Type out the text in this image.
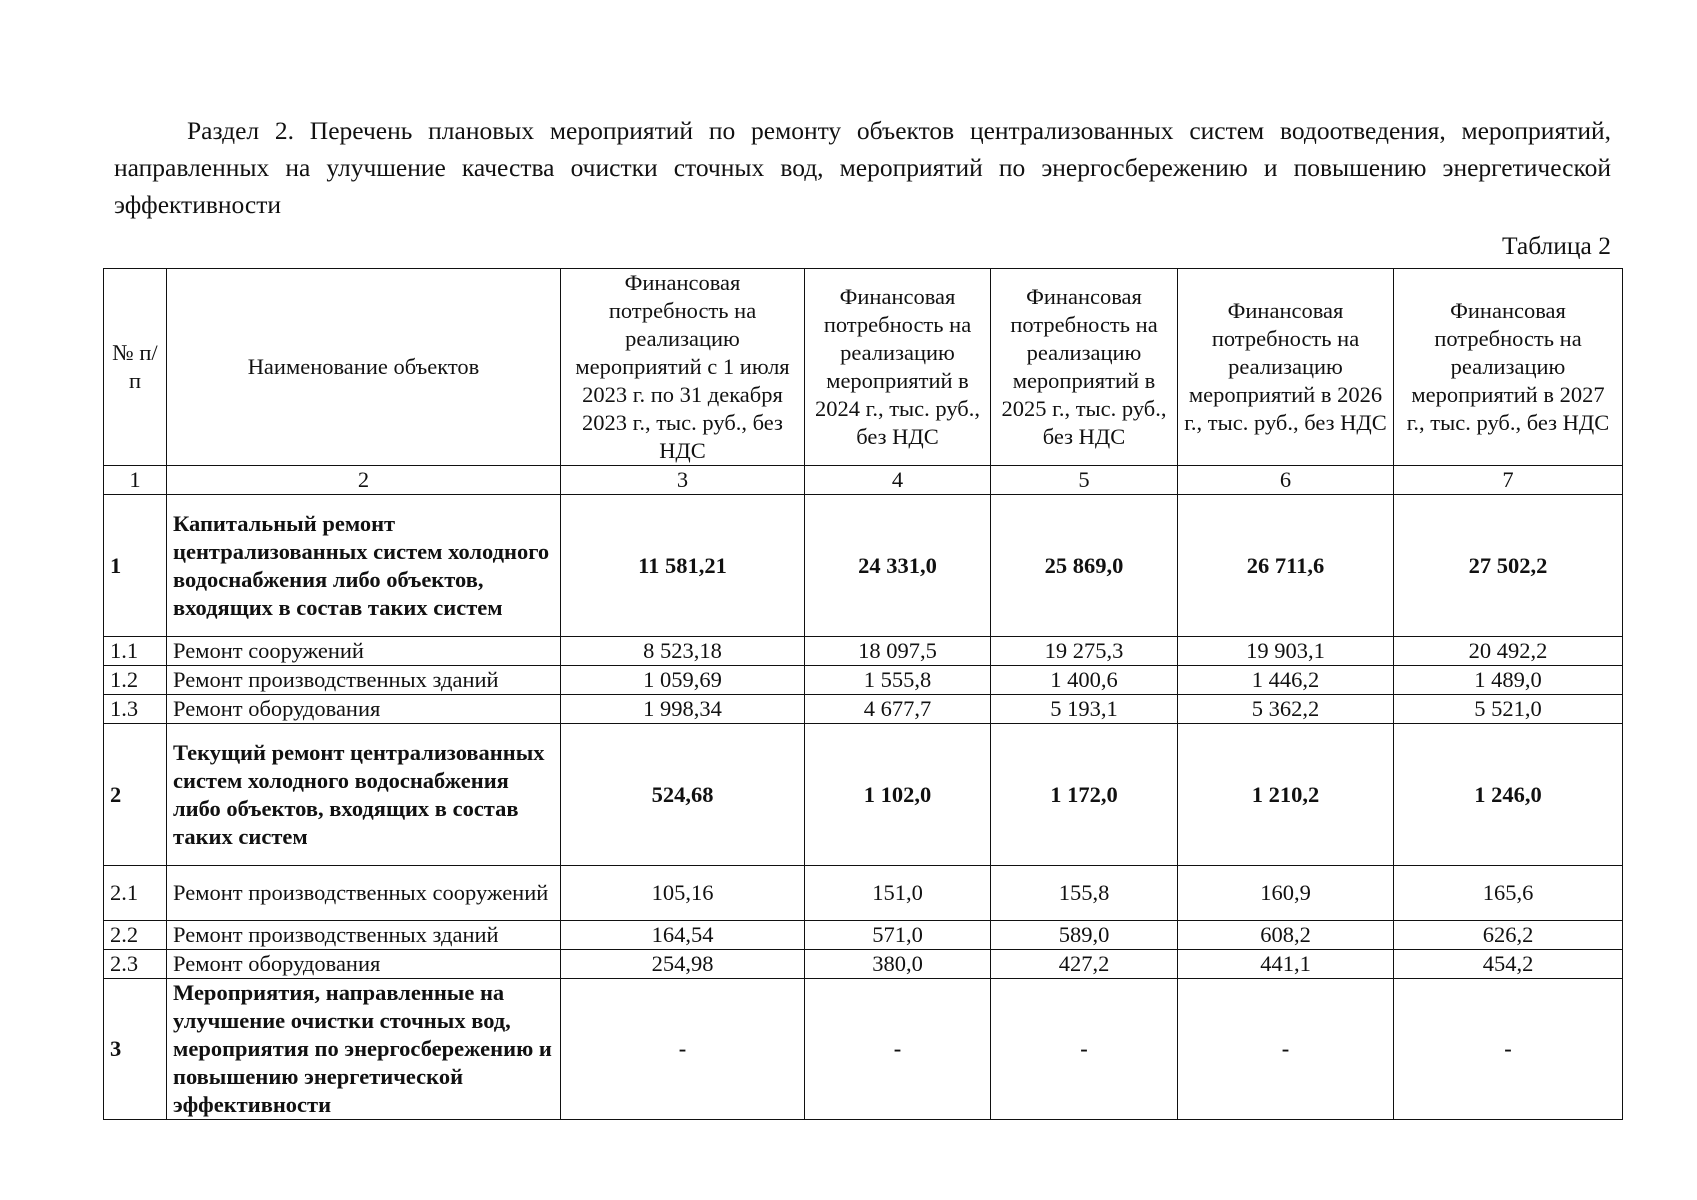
Раздел 2. Перечень плановых мероприятий по ремонту объектов централизованных систем водоотведения, мероприятий, направленных на улучшение качества очистки сточных вод, мероприятий по энергосбережению и повышению энергетической эффективности
Таблица 2
№ п/п	Наименование объектов	Финансовая потребность на реализацию мероприятий с 1 июля 2023 г. по 31 декабря 2023 г., тыс. руб., без НДС	Финансовая потребность на реализацию мероприятий в 2024 г., тыс. руб., без НДС	Финансовая потребность на реализацию мероприятий в 2025 г., тыс. руб., без НДС	Финансовая потребность на реализацию мероприятий в 2026 г., тыс. руб., без НДС	Финансовая потребность на реализацию мероприятий в 2027 г., тыс. руб., без НДС
1	2	3	4	5	6	7
1	Капитальный ремонт централизованных систем холодного водоснабжения либо объектов, входящих в состав таких систем	11 581,21	24 331,0	25 869,0	26 711,6	27 502,2
1.1	Ремонт сооружений	8 523,18	18 097,5	19 275,3	19 903,1	20 492,2
1.2	Ремонт производственных зданий	1 059,69	1 555,8	1 400,6	1 446,2	1 489,0
1.3	Ремонт оборудования	1 998,34	4 677,7	5 193,1	5 362,2	5 521,0
2	Текущий ремонт централизованных систем холодного водоснабжения либо объектов, входящих в состав таких систем	524,68	1 102,0	1 172,0	1 210,2	1 246,0
2.1	Ремонт производственных сооружений	105,16	151,0	155,8	160,9	165,6
2.2	Ремонт производственных зданий	164,54	571,0	589,0	608,2	626,2
2.3	Ремонт оборудования	254,98	380,0	427,2	441,1	454,2
3	Мероприятия, направленные на улучшение очистки сточных вод, мероприятия по энергосбережению и повышению энергетической эффективности	-	-	-	-	-
